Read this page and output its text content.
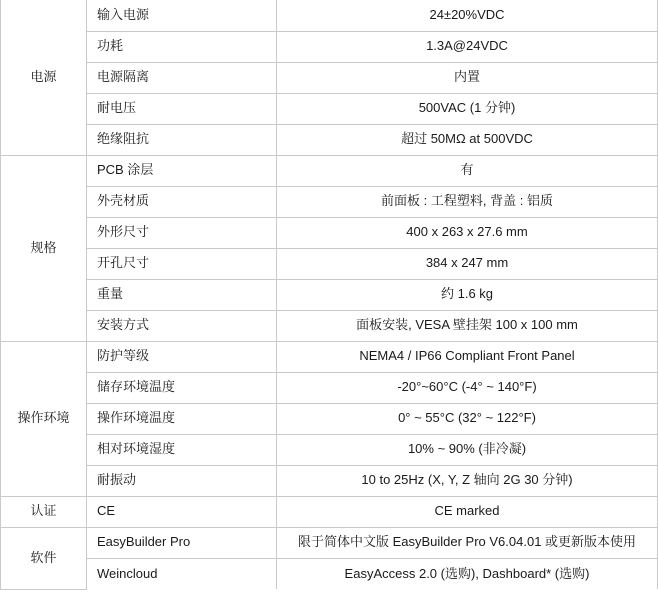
电源	输入电源	24±20%VDC
	功耗	1.3A@24VDC
	电源隔离	内置
	耐电压	500VAC (1 分钟)
	绝缘阻抗	超过 50MΩ at 500VDC
规格	PCB 涂层	有
	外壳材质	前面板 : 工程塑料, 背盖 : 铝质
	外形尺寸	400 x 263 x 27.6 mm
	开孔尺寸	384 x 247 mm
	重量	约 1.6 kg
	安装方式	面板安装, VESA 壁挂架 100 x 100 mm
操作环境	防护等级	NEMA4 / IP66 Compliant Front Panel
	储存环境温度	-20°~60°C (-4° ~ 140°F)
	操作环境温度	0° ~ 55°C (32° ~ 122°F)
	相对环境湿度	10% ~ 90% (非冷凝)
	耐振动	10 to 25Hz (X, Y, Z 轴向 2G 30 分钟)
认证	CE	CE marked
软件	EasyBuilder Pro	限于简体中文版 EasyBuilder Pro V6.04.01 或更新版本使用
	Weincloud	EasyAccess 2.0 (选购), Dashboard* (选购)
